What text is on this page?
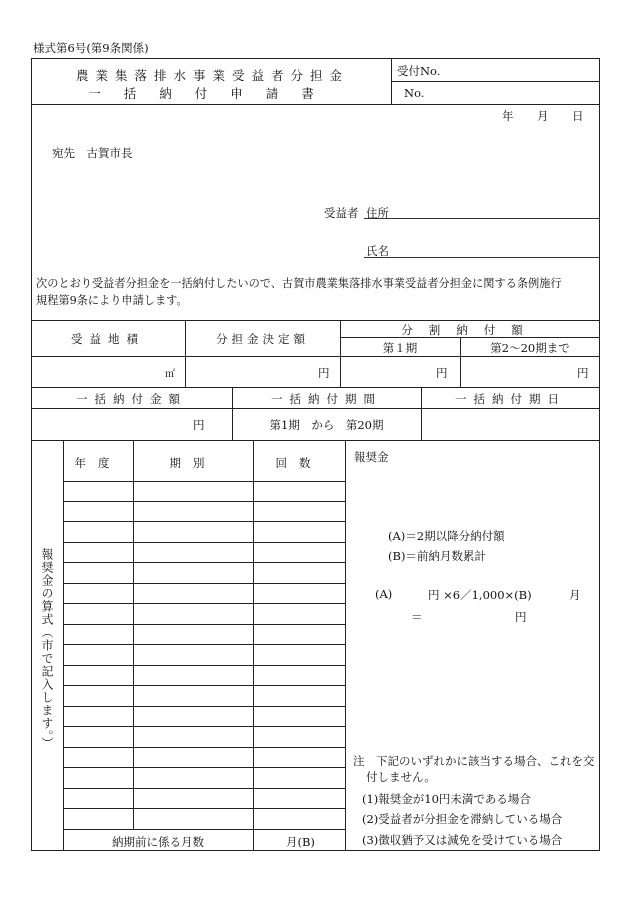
様式第6号(第9条関係)
農業集落排水事業受益者分担金
一括納付申請書
受付No.
No.
年 月 日
宛先　古賀市長
受益者 住所
氏名
次のとおり受益者分担金を一括納付したいので、古賀市農業集落排水事業受益者分担金に関する条例施行
規程第9条により申請します。
受益地積	分担金決定額
分割納付額
第１期	第2～20期まで
㎡	円	円	円
一括納付金額	一括納付期間	一括納付期日
円	第1期　から　第20期
報奨金の算式（市で記入します。）
年度	期別	回数
納期前に係る月数	月(B)
報奨金
(A)＝2期以降分納付額
(B)＝前納月数累計
(A)	円 ×6／1,000×(B)	月
＝	円
注　下記のいずれかに該当する場合、これを交
付しません。
(1)報奨金が10円未満である場合
(2)受益者が分担金を滞納している場合
(3)徴収猶予又は減免を受けている場合
